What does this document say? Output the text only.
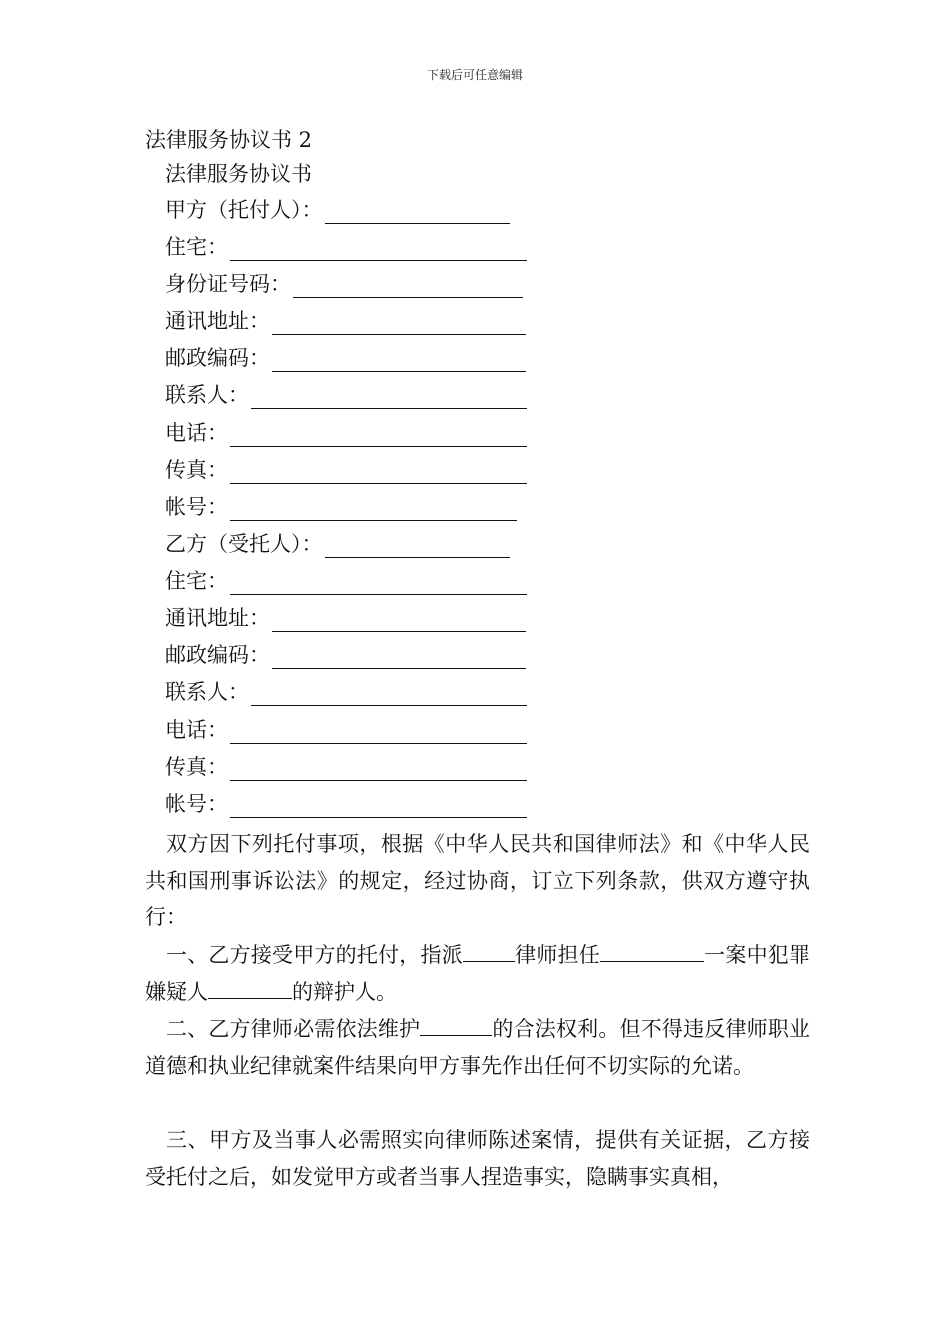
下载后可任意编辑
法律服务协议书 2
法律服务协议书
甲方（托付人）：
住宅：
身份证号码：
通讯地址：
邮政编码：
联系人：
电话：
传真：
帐号：
乙方（受托人）：
住宅：
通讯地址：
邮政编码：
联系人：
电话：
传真：
帐号：
双方因下列托付事项，根据《中华人民共和国律师法》和《中华人民共和国刑事诉讼法》的规定，经过协商，订立下列条款，供双方遵守执行：
一、乙方接受甲方的托付，指派 律师担任	一案中犯罪嫌疑人	的辩护人。
二、乙方律师必需依法维护	的合法权利。但不得违反律师职业道德和执业纪律就案件结果向甲方事先作出任何不切实际的允诺。
三、甲方及当事人必需照实向律师陈述案情，提供有关证据，乙方接受托付之后，如发觉甲方或者当事人捏造事实，隐瞒事实真相，
